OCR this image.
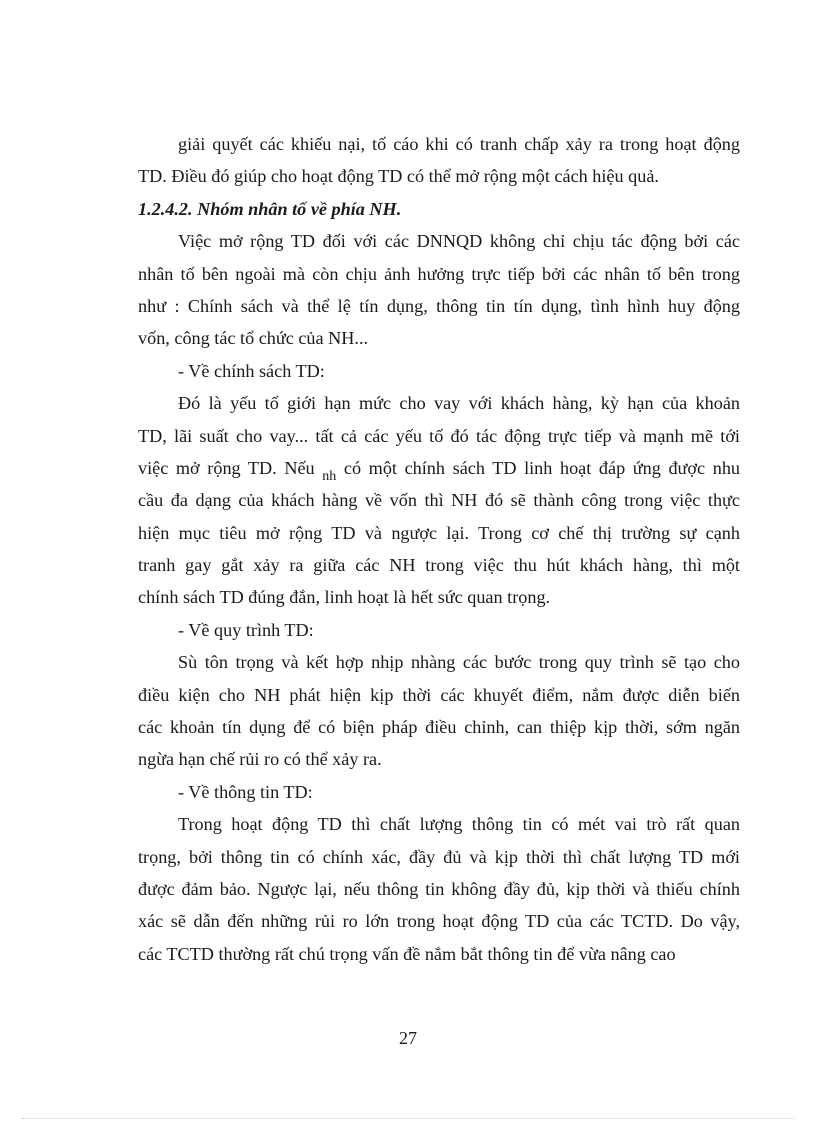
giải quyết các khiếu nại, tố cáo khi có tranh chấp xảy ra trong hoạt động
TD. Điều đó giúp cho hoạt động TD có thể mở rộng một cách hiệu quả.
1.2.4.2. Nhóm nhân tố về phía NH.
Việc mở rộng TD đối với các DNNQD không chỉ chịu tác động bởi các
nhân tố bên ngoài mà còn chịu ảnh hưởng trực tiếp bởi các nhân tố bên trong
như : Chính sách và thể lệ tín dụng, thông tin tín dụng, tình hình huy động
vốn, công tác tổ chức của NH...
- Về chính sách TD:
Đó là yếu tố giới hạn mức cho vay với khách hàng, kỳ hạn của khoản
TD, lãi suất cho vay... tất cả các yếu tố đó tác động trực tiếp và mạnh mẽ tới
việc mở rộng TD. Nếu $_{nh}$ có một chính sách TD linh hoạt đáp ứng được nhu
cầu đa dạng của khách hàng về vốn thì NH đó sẽ thành công trong việc thực
hiện mục tiêu mở rộng TD và ngược lại. Trong cơ chế thị trường sự cạnh
tranh gay gắt xảy ra giữa các NH trong việc thu hút khách hàng, thì một
chính sách TD đúng đắn, linh hoạt là hết sức quan trọng.
- Về quy trình TD:
Sù tôn trọng và kết hợp nhịp nhàng các bước trong quy trình sẽ tạo cho
điều kiện cho NH phát hiện kịp thời các khuyết điểm, nắm được diễn biến
các khoản tín dụng để có biện pháp điều chỉnh, can thiệp kịp thời, sớm ngăn
ngừa hạn chế rủi ro có thể xảy ra.
- Về thông tin TD:
Trong hoạt động TD thì chất lượng thông tin có mét vai trò rất quan
trọng, bởi thông tin có chính xác, đầy đủ và kịp thời thì chất lượng TD mới
được đảm bảo. Ngược lại, nếu thông tin không đầy đủ, kịp thời và thiếu chính
xác sẽ dẫn đến những rủi ro lớn trong hoạt động TD của các TCTD. Do vậy,
các TCTD thường rất chú trọng vấn đề nắm bắt thông tin để vừa nâng cao
27
